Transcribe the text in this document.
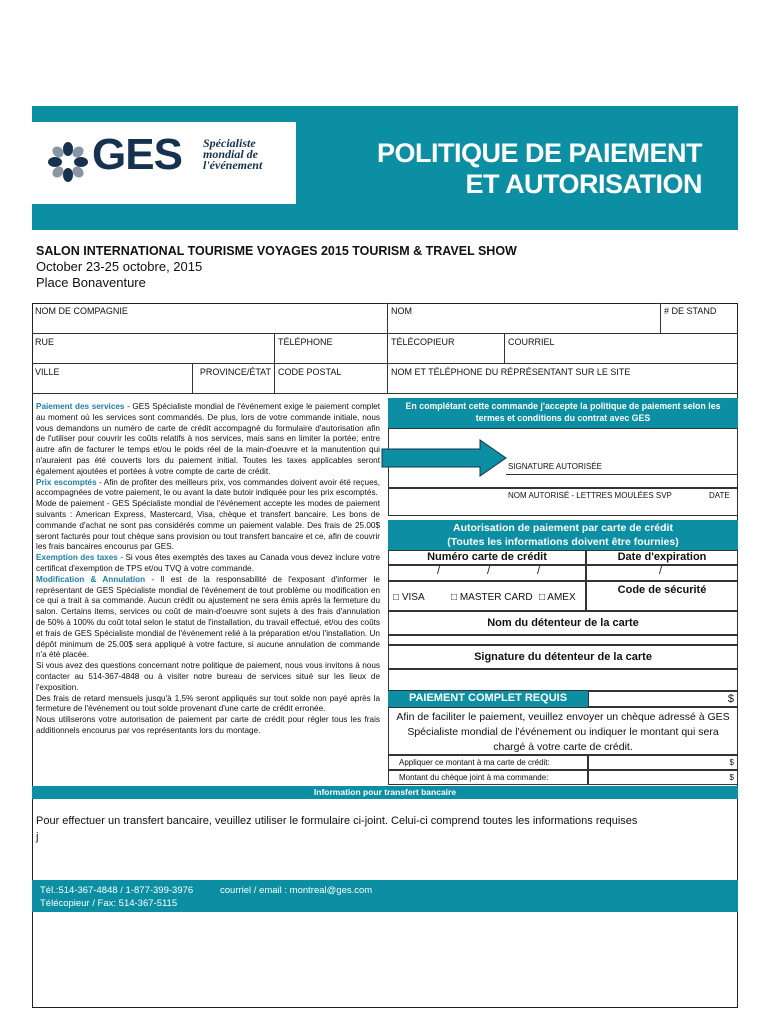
GES Spécialiste mondial de l'événement	POLITIQUE DE PAIEMENT
ET AUTORISATION
SALON INTERNATIONAL TOURISME VOYAGES 2015 TOURISM & TRAVEL SHOW
October 23-25 octobre, 2015
Place Bonaventure
NOM DE COMPAGNIE	NOM	# DE STAND
RUE	TÉLÉPHONE	TÉLÉCOPIEUR	COURRIEL
VILLE	PROVINCE/ÉTAT CODE POSTAL	NOM ET TÉLÉPHONE DU RÉPRÉSENTANT SUR LE SITE
Paiement des services - GES Spécialiste mondial de l'événement exige le paiement complet au moment où les services sont commandés. De plus, lors de votre commande initiale, nous vous demandons un numéro de carte de crédit accompagné du formulaire d'autorisation afin de l'utiliser pour couvrir les coûts relatifs à nos services, mais sans en limiter la portée; entre autre afin de facturer le temps et/ou le poids réel de la main-d'oeuvre et la manutention qui n'auraient pas été couverts lors du paiement initial. Toutes les taxes applicables seront également ajoutées et portées à votre compte de carte de crédit.
Prix escomptés - Afin de profiter des meilleurs prix, vos commandes doivent avoir été reçues, accompagnées de votre paiement, le ou avant la date butoir indiquée pour les prix escomptés.
Mode de paiement - GES Spécialiste mondial de l'événement accepte les modes de paiement suivants : American Express, Mastercard, Visa, chèque et transfert bancaire. Les bons de commande d'achat ne sont pas considérés comme un paiement valable. Des frais de 25.00$ seront facturés pour tout chèque sans provision ou tout transfert bancaire et ce, afin de couvrir les frais bancaires encourus par GES.
Exemption des taxes - Si vous êtes exemptés des taxes au Canada vous devez inclure votre certificat d'exemption de TPS et/ou TVQ à votre commande.
Modification & Annulation - Il est de la responsabilité de l'exposant d'informer le représentant de GES Spécialiste mondial de l'événement de tout problème ou modification en ce qui a trait à sa commande. Aucun crédit ou ajustement ne sera émis après la fermeture du salon. Certains items, services ou coût de main-d'oeuvre sont sujets à des frais d'annulation de 50% à 100% du coût total selon le statut de l'installation, du travail effectué, et/ou des coûts et frais de GES Spécialiste mondial de l'événement relié à la préparation et/ou l'installation. Un dépôt minimum de 25.00$ sera appliqué à votre facture, si aucune annulation de commande n'a été placée.
Si vous avez des questions concernant notre politique de paiement, nous vous invitons à nous contacter au 514-367-4848 ou à visiter notre bureau de services situé sur les lieux de l'exposition.
Des frais de retard mensuels jusqu'à 1,5% seront appliqués sur tout solde non payé après la fermeture de l'événement ou tout solde provenant d'une carte de crédit erronée.
Nous utiliserons votre autorisation de paiement par carte de crédit pour régler tous les frais additionnels encourus par vos représentants lors du montage.
En complétant cette commande j'accepte la politique de paiement selon les termes et conditions du contrat avec GES
SIGNATURE AUTORISÉE
NOM AUTORISÉ - LETTRES MOULÉES SVP	DATE
Autorisation de paiement par carte de crédit
(Toutes les informations doivent être fournies)
Numéro carte de crédit	Date d'expiration
/	/	/	/
□ VISA	□ MASTER CARD □ AMEX
Code de sécurité
Nom du détenteur de la carte
Signature du détenteur de la carte
PAIEMENT COMPLET REQUIS	$
Afin de faciliter le paiement, veuillez envoyer un chèque adressé à GES Spécialiste mondial de l'événement ou indiquer le montant qui sera chargé à votre carte de crédit.
Appliquer ce montant à ma carte de crédit:	$
Montant du chèque joint à ma commande:	$
Information pour transfert bancaire
Pour effectuer un transfert bancaire, veuillez utiliser le formulaire ci-joint. Celui-ci comprend toutes les informations requises
j
Tél.:514-367-4848 / 1-877-399-3976	courriel / email : montreal@ges.com
Télécopieur / Fax: 514-367-5115
